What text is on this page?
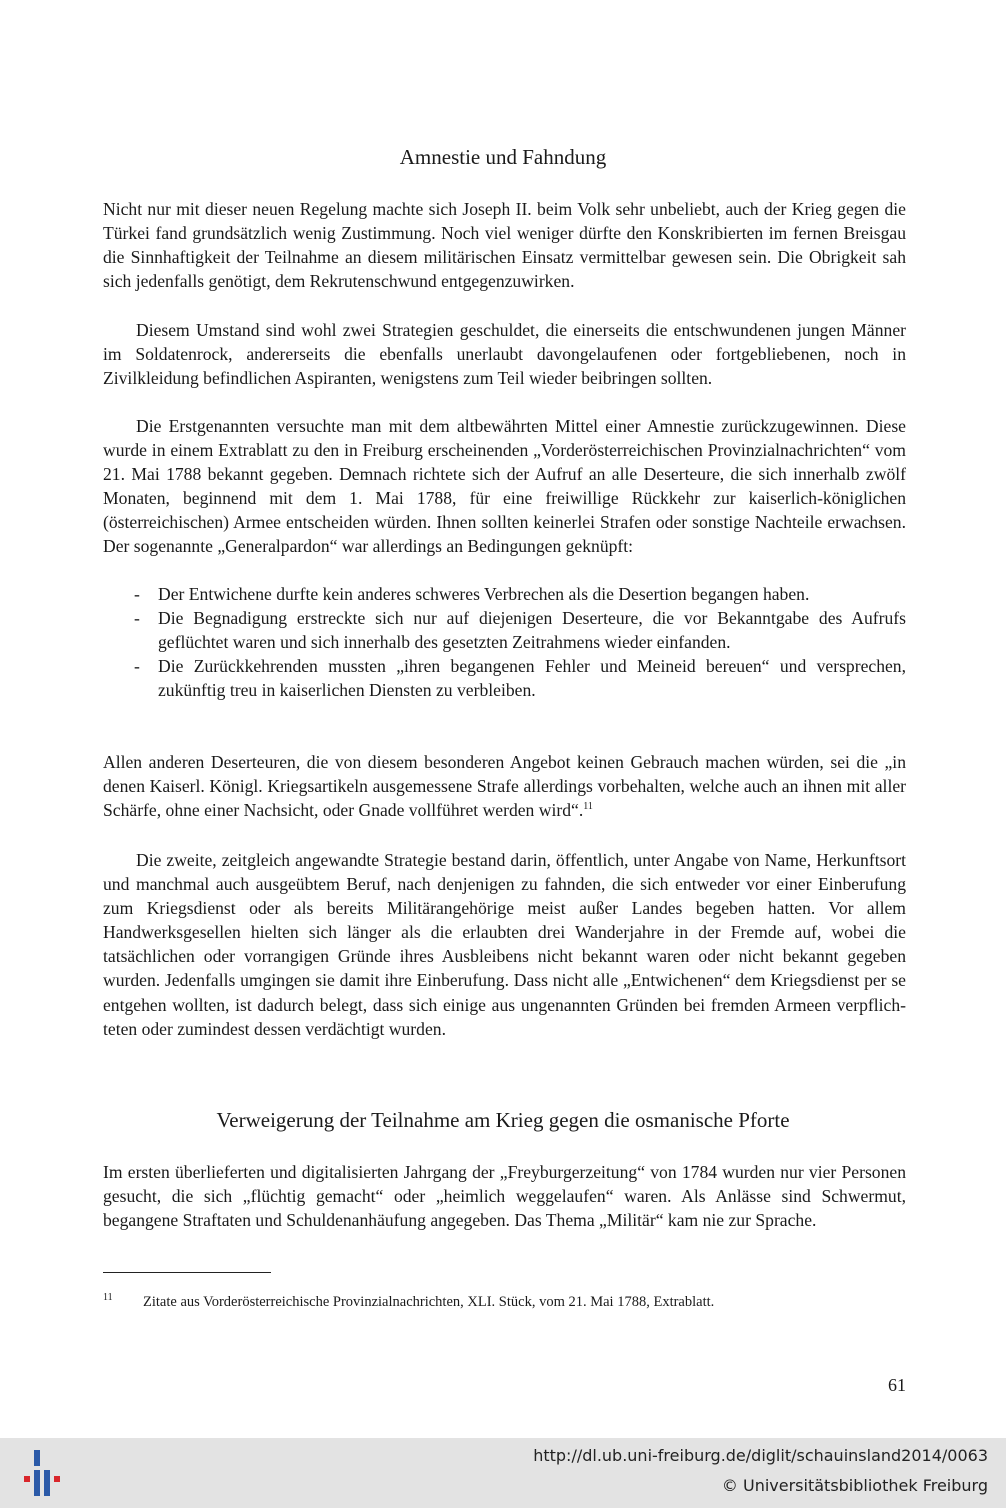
Amnestie und Fahndung

Nicht nur mit dieser neuen Regelung machte sich Joseph II. beim Volk sehr unbeliebt, auch der Krieg gegen die Türkei fand grundsätzlich wenig Zustimmung. Noch viel weniger dürfte den Konskribierten im fernen Breisgau die Sinnhaftigkeit der Teilnahme an diesem militärischen Einsatz vermittelbar gewesen sein. Die Obrigkeit sah sich jedenfalls genötigt, dem Rekrutenschwund entgegenzuwirken.

Diesem Umstand sind wohl zwei Strategien geschuldet, die einerseits die entschwundenen jungen Männer im Soldatenrock, andererseits die ebenfalls unerlaubt davongelaufenen oder fortgebliebenen, noch in Zivilkleidung befindlichen Aspiranten, wenigstens zum Teil wieder beibringen sollten.

Die Erstgenannten versuchte man mit dem altbewährten Mittel einer Amnestie zurückzugewinnen. Diese wurde in einem Extrablatt zu den in Freiburg erscheinenden „Vorderösterreichischen Provinzialnachrichten“ vom 21. Mai 1788 bekannt gegeben. Demnach richtete sich der Aufruf an alle Deserteure, die sich innerhalb zwölf Monaten, beginnend mit dem 1. Mai 1788, für eine freiwillige Rückkehr zur kaiserlich-königlichen (österreichischen) Armee entscheiden würden. Ihnen sollten keinerlei Strafen oder sonstige Nachteile erwachsen. Der sogenannte „Generalpardon“ war allerdings an Bedingungen geknüpft:

- Der Entwichene durfte kein anderes schweres Verbrechen als die Desertion begangen haben.
- Die Begnadigung erstreckte sich nur auf diejenigen Deserteure, die vor Bekanntgabe des Aufrufs geflüchtet waren und sich innerhalb des gesetzten Zeitrahmens wieder einfanden.
- Die Zurückkehrenden mussten „ihren begangenen Fehler und Meineid bereuen“ und versprechen, zukünftig treu in kaiserlichen Diensten zu verbleiben.

Allen anderen Deserteuren, die von diesem besonderen Angebot keinen Gebrauch machen würden, sei die „in denen Kaiserl. Königl. Kriegsartikeln ausgemessene Strafe allerdings vorbehalten, welche auch an ihnen mit aller Schärfe, ohne einer Nachsicht, oder Gnade vollführet werden wird“.$^{11}$

Die zweite, zeitgleich angewandte Strategie bestand darin, öffentlich, unter Angabe von Name, Herkunftsort und manchmal auch ausgeübtem Beruf, nach denjenigen zu fahnden, die sich entweder vor einer Einberufung zum Kriegsdienst oder als bereits Militärangehörige meist außer Landes begeben hatten. Vor allem Handwerksgesellen hielten sich länger als die erlaubten drei Wanderjahre in der Fremde auf, wobei die tatsächlichen oder vorrangigen Gründe ihres Ausbleibens nicht bekannt waren oder nicht bekannt gegeben wurden. Jedenfalls umgingen sie damit ihre Einberufung. Dass nicht alle „Entwichenen“ dem Kriegsdienst per se entgehen wollten, ist dadurch belegt, dass sich einige aus ungenannten Gründen bei fremden Armeen verpflichteten oder zumindest dessen verdächtigt wurden.

Verweigerung der Teilnahme am Krieg gegen die osmanische Pforte

Im ersten überlieferten und digitalisierten Jahrgang der „Freyburgerzeitung“ von 1784 wurden nur vier Personen gesucht, die sich „flüchtig gemacht“ oder „heimlich weggelaufen“ waren. Als Anlässe sind Schwermut, begangene Straftaten und Schuldenanhäufung angegeben. Das Thema „Militär“ kam nie zur Sprache.

11 Zitate aus Vorderösterreichische Provinzialnachrichten, XLI. Stück, vom 21. Mai 1788, Extrablatt.

61
http://dl.ub.uni-freiburg.de/diglit/schauinsland2014/0063
© Universitätsbibliothek Freiburg
